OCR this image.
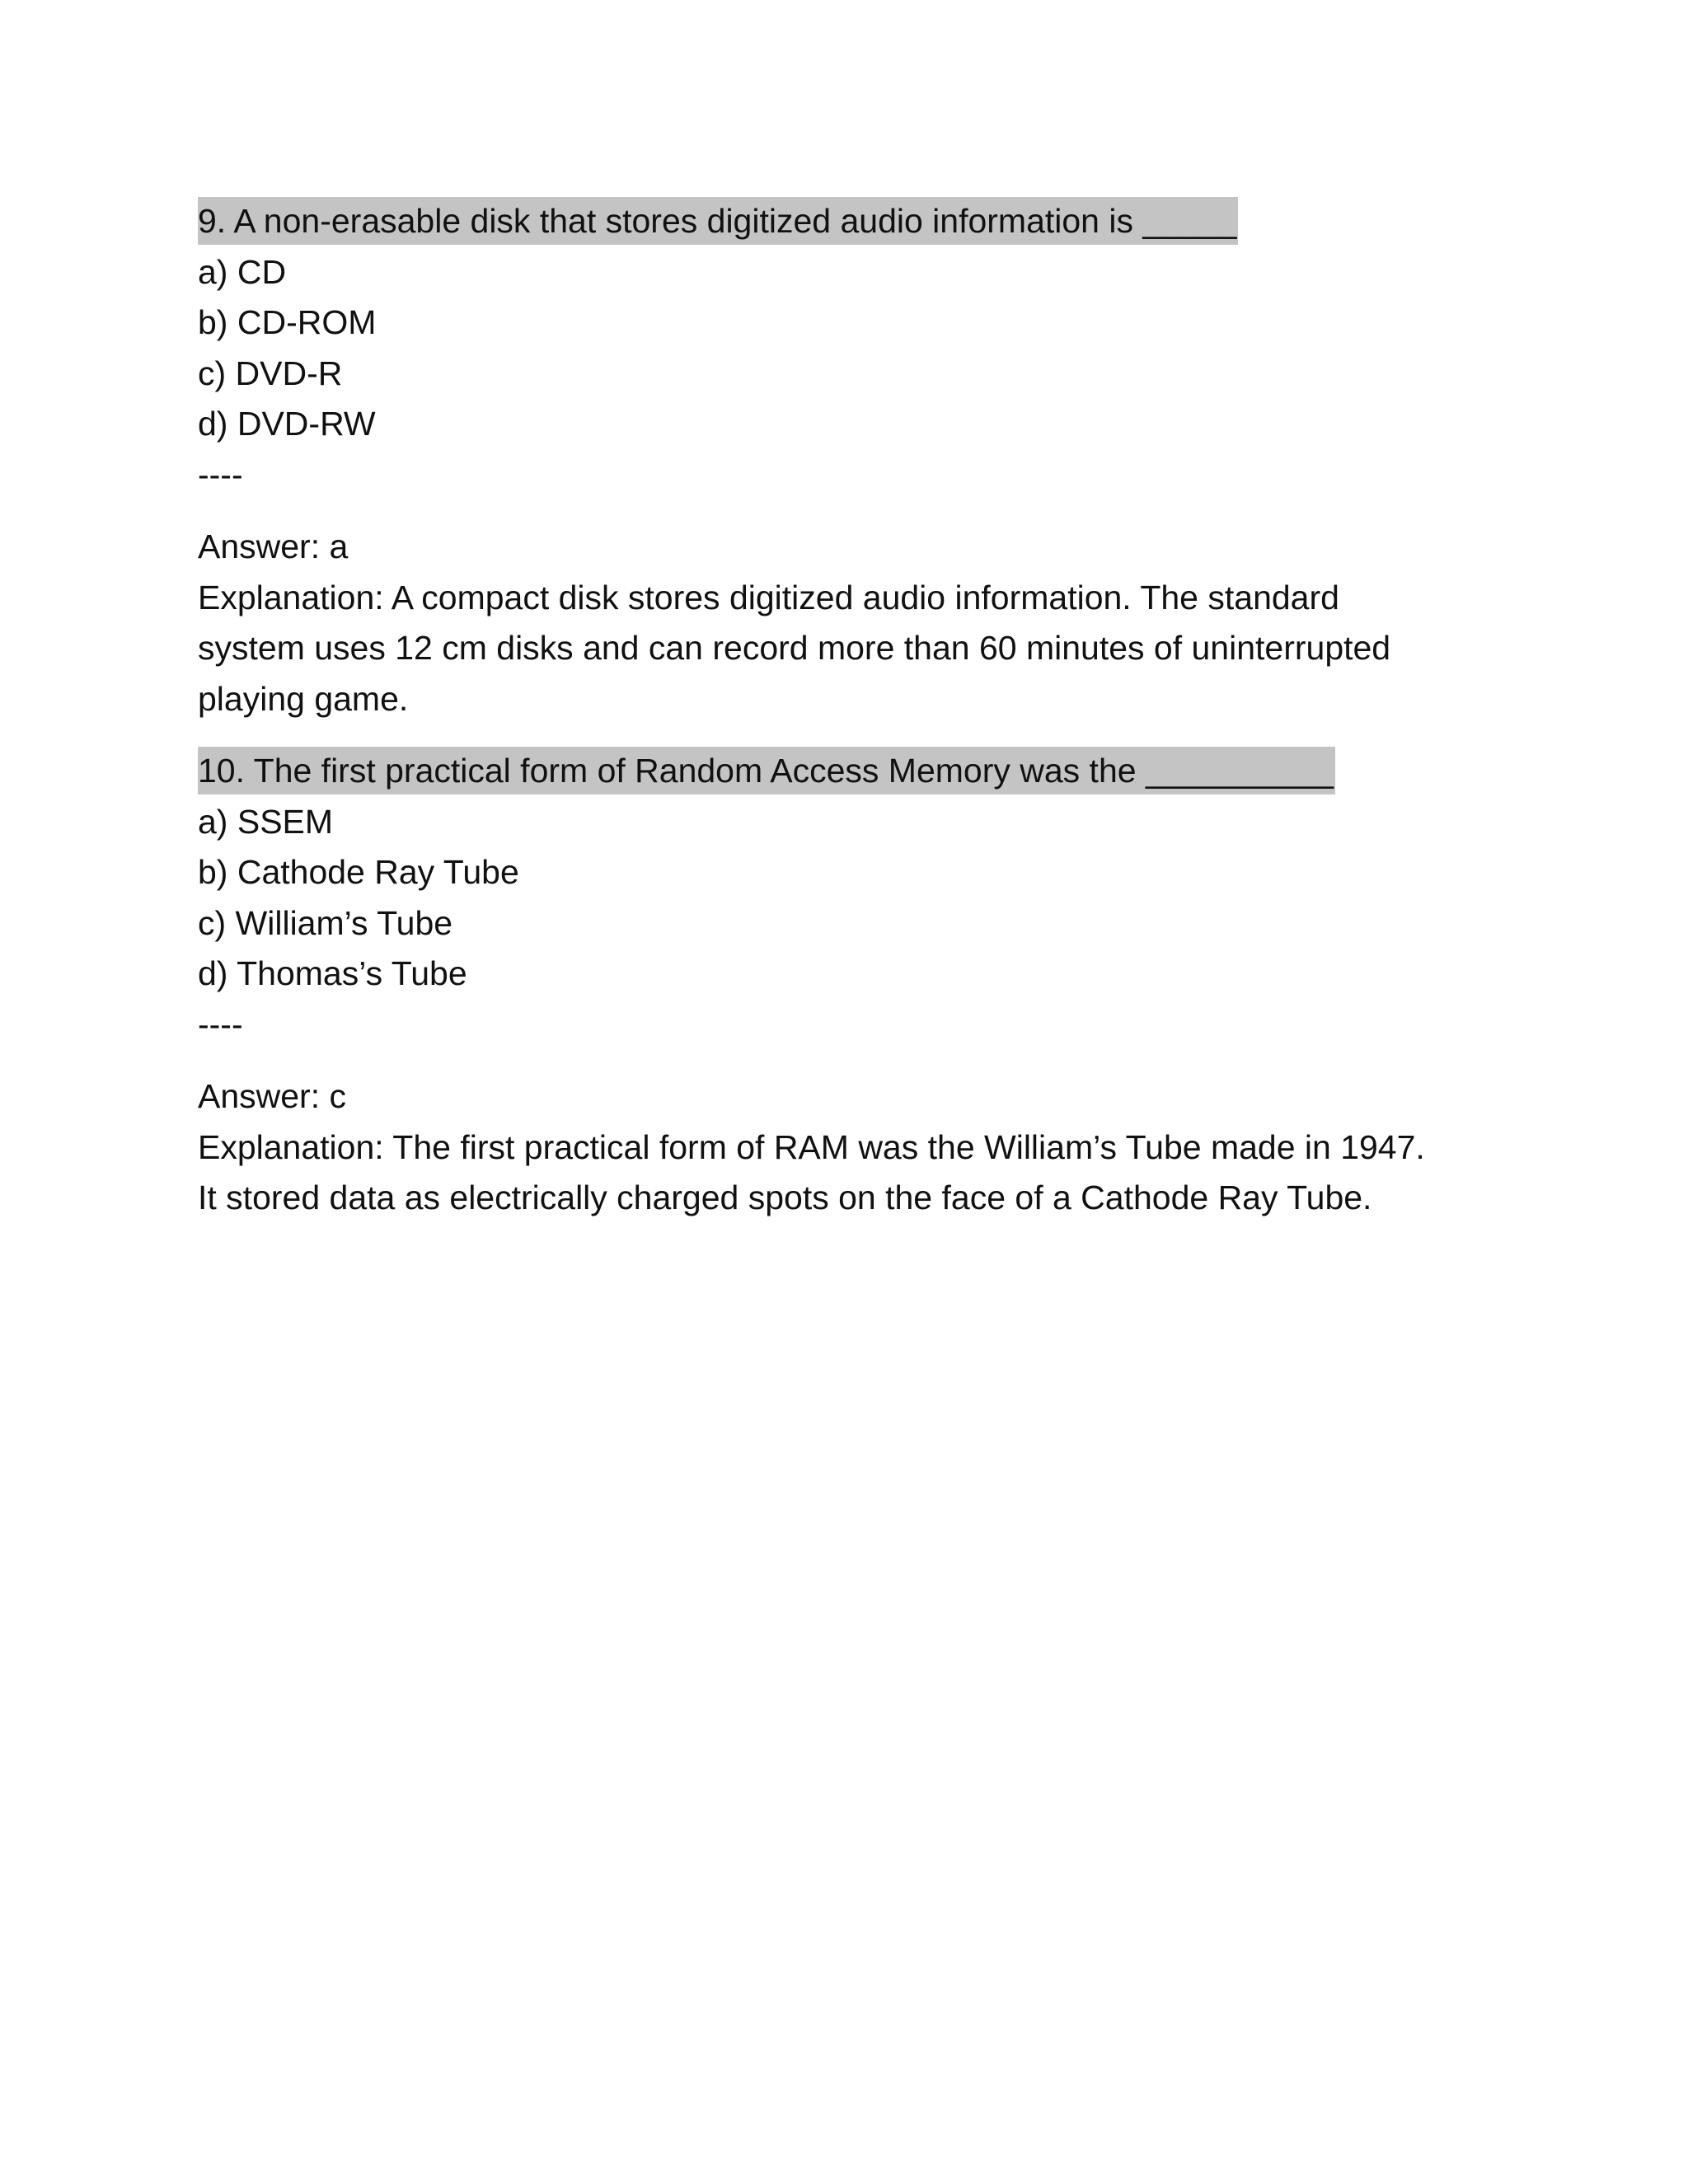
9. A non-erasable disk that stores digitized audio information is _____
a) CD
b) CD-ROM
c) DVD-R
d) DVD-RW
----
Answer: a
Explanation: A compact disk stores digitized audio information. The standard
system uses 12 cm disks and can record more than 60 minutes of uninterrupted
playing game.
10. The first practical form of Random Access Memory was the __________
a) SSEM
b) Cathode Ray Tube
c) William’s Tube
d) Thomas’s Tube
----
Answer: c
Explanation: The first practical form of RAM was the William’s Tube made in 1947.
It stored data as electrically charged spots on the face of a Cathode Ray Tube.
